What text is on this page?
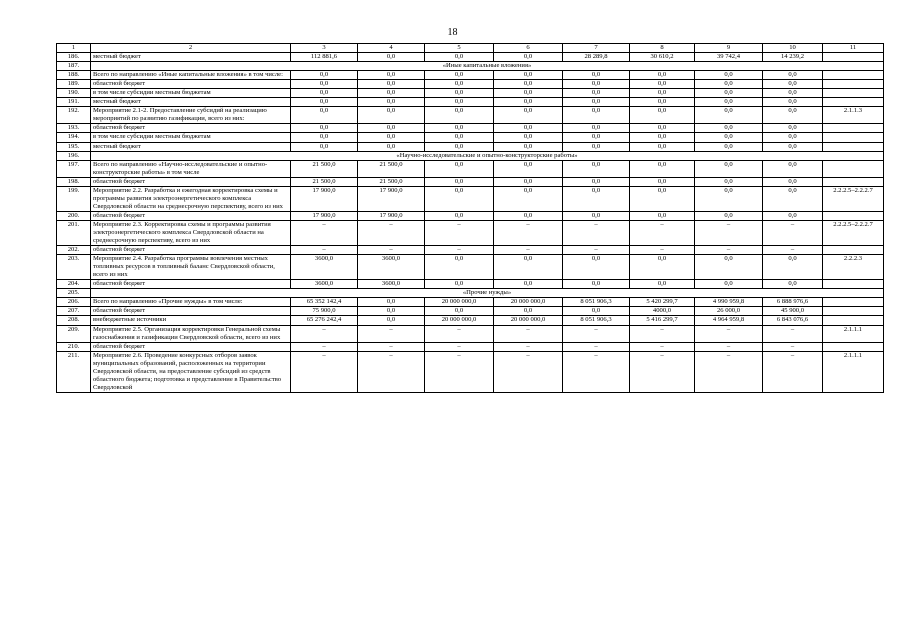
18
1	2	3	4	5	6	7	8	9	10	11
186.	местный бюджет	112 881,6	0,0	0,0	0,0	28 289,8	30 610,2	39 742,4	14 239,2	
187.	«Иные капитальные вложения»									
188.	Всего по направлению «Иные капитальные вложения» в том числе:	0,0	0,0	0,0	0,0	0,0	0,0	0,0	0,0	
189.	областной бюджет	0,0	0,0	0,0	0,0	0,0	0,0	0,0	0,0	
190.	в том числе субсидии местным бюджетам	0,0	0,0	0,0	0,0	0,0	0,0	0,0	0,0	
191.	местный бюджет	0,0	0,0	0,0	0,0	0,0	0,0	0,0	0,0	
192.	Мероприятие 2.1-2. Предоставление субсидий на реализацию мероприятий по развитию газификации, всего из них:	0,0	0,0	0,0	0,0	0,0	0,0	0,0	0,0	2.1.1.3
193.	областной бюджет	0,0	0,0	0,0	0,0	0,0	0,0	0,0	0,0	
194.	в том числе субсидии местным бюджетам	0,0	0,0	0,0	0,0	0,0	0,0	0,0	0,0	
195.	местный бюджет	0,0	0,0	0,0	0,0	0,0	0,0	0,0	0,0	
196.	«Научно-исследовательские и опытно-конструкторские работы»									
197.	Всего по направлению «Научно-исследовательские и опытно-конструкторские работы» в том числе	21 500,0	21 500,0	0,0	0,0	0,0	0,0	0,0	0,0	
198.	областной бюджет	21 500,0	21 500,0	0,0	0,0	0,0	0,0	0,0	0,0	
199.	Мероприятие 2.2. Разработка и ежегодная корректировка схемы и программы развития электроэнергетического комплекса Свердловской области на среднесрочную перспективу, всего из них	17 900,0	17 900,0	0,0	0,0	0,0	0,0	0,0	0,0	2.2.2.5–2.2.2.7
200.	областной бюджет	17 900,0	17 900,0	0,0	0,0	0,0	0,0	0,0	0,0	
201.	Мероприятие 2.3. Корректировка схемы и программы развития электроэнергетического комплекса Свердловской области на среднесрочную перспективу, всего из них	–	–	–	–	–	–	–	–	2.2.2.5–2.2.2.7
202.	областной бюджет	–	–	–	–	–	–	–	–	
203.	Мероприятие 2.4. Разработка программы вовлечения местных топливных ресурсов в топливный баланс Свердловской области, всего из них	3600,0	3600,0	0,0	0,0	0,0	0,0	0,0	0,0	2.2.2.3
204.	областной бюджет	3600,0	3600,0	0,0	0,0	0,0	0,0	0,0	0,0	
205.	«Прочие нужды»									
206.	Всего по направлению «Прочие нужды» в том числе:	65 352 142,4	0,0	20 000 000,0	20 000 000,0	8 051 906,3	5 420 299,7	4 990 959,8	6 888 976,6	
207.	областной бюджет	75 900,0	0,0	0,0	0,0	0,0	4000,0	26 000,0	45 900,0	
208.	внебюджетные источники	65 276 242,4	0,0	20 000 000,0	20 000 000,0	8 051 906,3	5 416 299,7	4 964 959,8	6 843 076,6	
209.	Мероприятие 2.5. Организация корректировки Генеральной схемы газоснабжения и газификации Свердловской области, всего из них	–	–	–	–	–	–	–	–	2.1.1.1
210.	областной бюджет	–	–	–	–	–	–	–	–	
211.	Мероприятие 2.6. Проведение конкурсных отборов заявок муниципальных образований, расположенных на территории Свердловской области, на предоставление субсидий из средств областного бюджета; подготовка и представление в Правительство Свердловской	–	–	–	–	–	–	–	–	2.1.1.1
